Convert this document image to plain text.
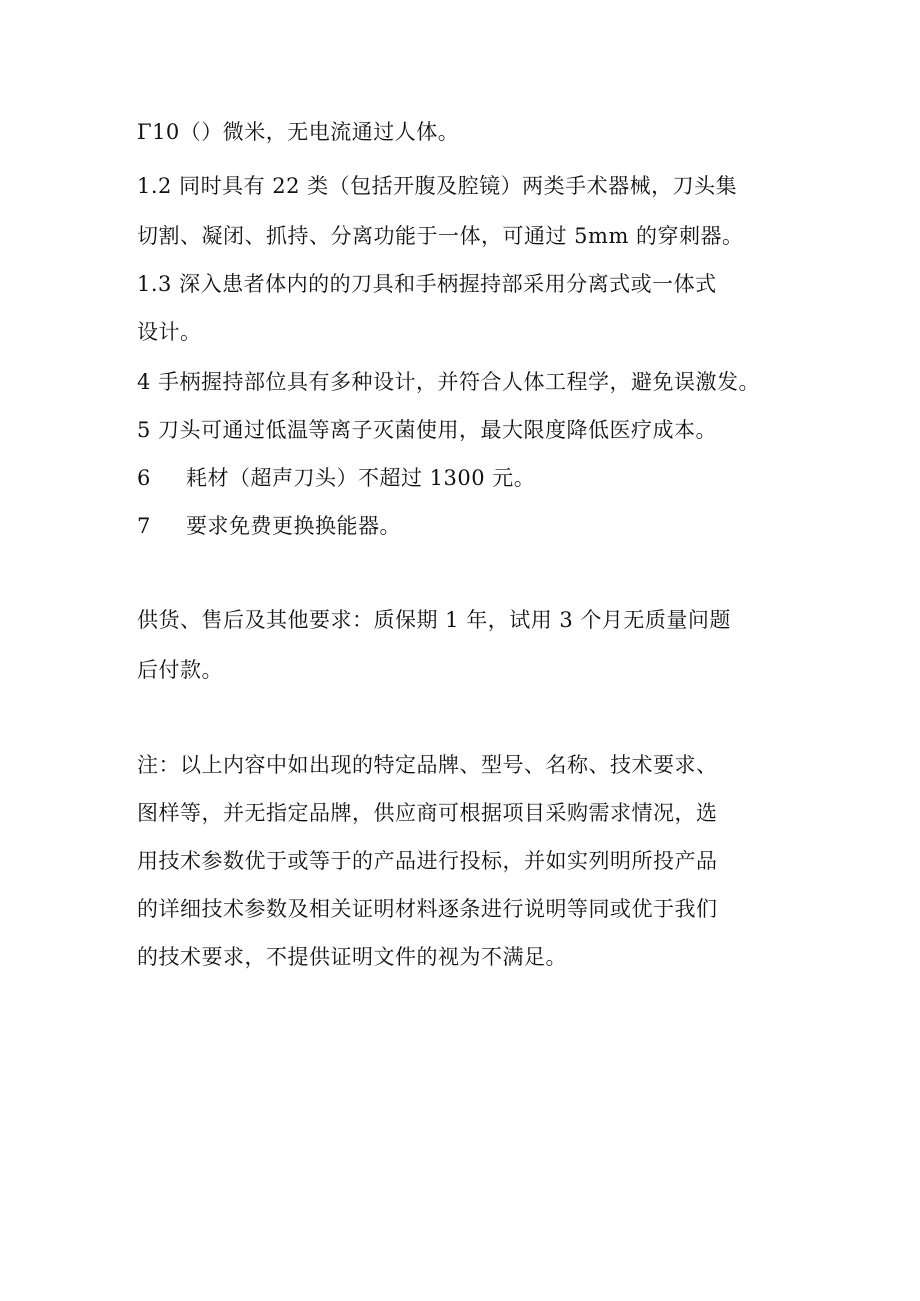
Γ10（）微米，无电流通过人体。
1.2 同时具有 22 类（包括开腹及腔镜）两类手术器械，刀头集
切割、凝闭、抓持、分离功能于一体，可通过 5mm 的穿刺器。
1.3 深入患者体内的的刀具和手柄握持部采用分离式或一体式
设计。
4 手柄握持部位具有多种设计，并符合人体工程学，避免误激发。
5 刀头可通过低温等离子灭菌使用，最大限度降低医疗成本。
6 耗材（超声刀头）不超过 1300 元。
7 要求免费更换换能器。
供货、售后及其他要求：质保期 1 年，试用 3 个月无质量问题
后付款。
注：以上内容中如出现的特定品牌、型号、名称、技术要求、
图样等，并无指定品牌，供应商可根据项目采购需求情况，选
用技术参数优于或等于的产品进行投标，并如实列明所投产品
的详细技术参数及相关证明材料逐条进行说明等同或优于我们
的技术要求，不提供证明文件的视为不满足。
